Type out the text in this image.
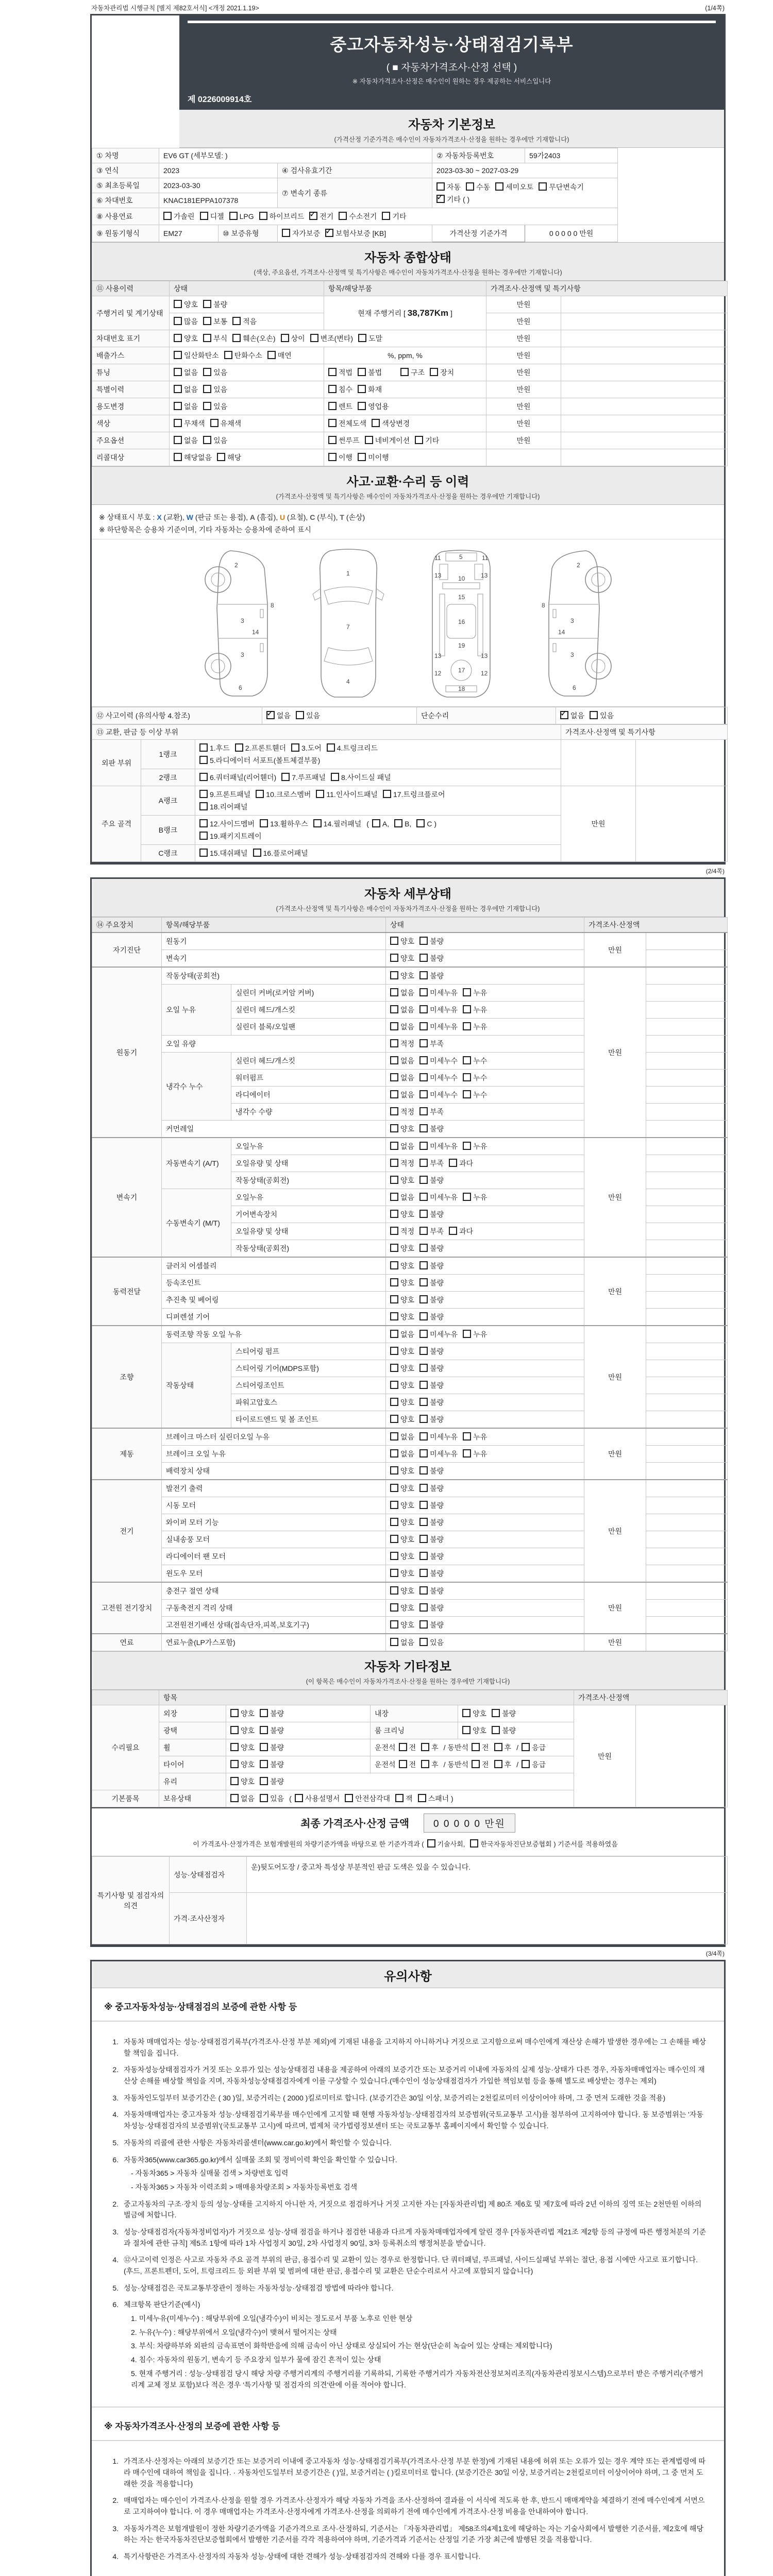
자동차관리법 시행규칙 [별지 제82호서식] <개정 2021.1.19>	(1/4쪽)
중고자동차성능·상태점검기록부
( ■ 자동차가격조사·산정 선택 )
※ 자동차가격조사·산정은 매수인이 원하는 경우 제공하는 서비스입니다
제 0226009914호
자동차 기본정보
(가격산정 기준가격은 매수인이 자동차가격조사·산정을 원하는 경우에만 기재합니다)
① 차명	EV6 GT (세부모델: )			② 자동차등록번호	59가2403
③ 연식	2023		④ 검사유효기간	2023-03-30 ~ 2027-03-29	
⑤ 최초등록일	2023-03-30		⑦ 변속기 종류	자동 수동 세미오토 무단변속기✓기타 ( )
⑥ 차대번호	KNAC181EPPA107378				
⑧ 사용연료	가솔린 디젤 LPG 하이브리드 ✓ 전기 수소전기 기타
⑨ 원동기형식	EM27	⑩ 보증유형	자가보증 ✓ 보험사보증 [KB]	가격산정 기준가격	0 0 0 0 0 만원
자동차 종합상태
(색상, 주요옵션, 가격조사·산정액 및 특기사항은 매수인이 자동차가격조사·산정을 원하는 경우에만 기재합니다)
⑪ 사용이력	상태	항목/해당부품	가격조사·산정액 및 특기사항	
주행거리 및 계기상태	양호 불량	현재 주행거리 [ 38,787Km ]	만원	
	많음 보통 적음		만원	
차대번호 표기	양호 부식 훼손(오손) 상이 변조(변타) 도말		만원	
배출가스	일산화탄소 탄화수소 매연	%, ppm, %	만원	
튜닝	없음 있음	적법 불법 구조 장치	만원	
특별이력	없음 있음	침수 화재	만원	
용도변경	없음 있음	렌트 영업용	만원	
색상	무채색 유채색	전체도색 색상변경	만원	
주요옵션	없음 있음	썬루프 네비게이션 기타	만원	
리콜대상	해당없음 해당	이행 미이행		
사고·교환·수리 등 이력
(가격조사·산정액 및 특기사항은 매수인이 자동차가격조사·산정을 원하는 경우에만 기재합니다)
※ 상태표시 부호 : X (교환), W (판금 또는 용접), A (흠집), U (요철), C (부식), T (손상)
※ 하단항목은 승용차 기준이며, 기타 자동차는 승용차에 준하여 표시
2
8
3
14
3
6
1
7
4
11	11
13	13
5
10
15
16
19
13	13
12	12
17
18
2
8
3
14
3
6
⑫ 사고이력 (유의사항 4.참조)	✓없음 있음	단순수리	✓없음 있음
⑬ 교환, 판금 등 이상 부위			가격조사·산정액 및 특기사항	
외판 부위	1랭크	1.후드 2.프론트휀더 3.도어 4.트렁크리드
5.라디에이터 서포트(볼트체결부품)		
	2랭크	6.쿼터패널(리어휀더) 7.루프패널 8.사이드실 패널		
주요 골격	A랭크	9.프론트패널 10.크로스멤버 11.인사이드패널 17.트렁크플로어
18.리어패널	만원	
	B랭크	12.사이드멤버 13.휠하우스 14.필러패널 ( A, B, C )
19.패키지트레이		
	C랭크	15.대쉬패널 16.플로어패널		
(2/4쪽)
자동차 세부상태
(가격조사·산정액 및 특기사항은 매수인이 자동차가격조사·산정을 원하는 경우에만 기재합니다)
⑭ 주요장치	항목/해당부품		상태	가격조사·산정액	
자기진단	원동기		양호 불량	만원	
	변속기		양호 불량		
원동기	작동상태(공회전)		양호 불량	만원	
	오일 누유	실린더 커버(로커암 커버)	없음 미세누유 누유		
		실린더 헤드/개스킷	없음 미세누유 누유		
		실린더 블록/오일팬	없음 미세누유 누유		
	오일 유량		적정 부족		
	냉각수 누수	실린더 헤드/개스킷	없음 미세누수 누수		
		워터펌프	없음 미세누수 누수		
		라디에이터	없음 미세누수 누수		
		냉각수 수량	적정 부족		
	커먼레일		양호 불량		
변속기	자동변속기 (A/T)	오일누유	없음 미세누유 누유	만원	
		오일유량 및 상태	적정 부족 과다		
		작동상태(공회전)	양호 불량		
	수동변속기 (M/T)	오일누유	없음 미세누유 누유		
		기어변속장치	양호 불량		
		오일유량 및 상태	적정 부족 과다		
		작동상태(공회전)	양호 불량		
동력전달	클러치 어셈블리		양호 불량	만원	
	등속조인트		양호 불량		
	추진축 및 베어링		양호 불량		
	디퍼렌셜 기어		양호 불량		
조향	동력조향 작동 오일 누유		없음 미세누유 누유	만원	
	작동상태	스티어링 펌프	양호 불량		
		스티어링 기어(MDPS포함)	양호 불량		
		스티어링조인트	양호 불량		
		파워고압호스	양호 불량		
		타이로드엔드 및 볼 조인트	양호 불량		
제동	브레이크 마스터 실린더오일 누유		없음 미세누유 누유	만원	
	브레이크 오일 누유		없음 미세누유 누유		
	배력장치 상태		양호 불량		
전기	발전기 출력		양호 불량	만원	
	시동 모터		양호 불량		
	와이퍼 모터 기능		양호 불량		
	실내송풍 모터		양호 불량		
	라디에이터 팬 모터		양호 불량		
	윈도우 모터		양호 불량		
고전원 전기장치	충전구 절연 상태		양호 불량	만원	
	구동축전지 격리 상태		양호 불량		
	고전원전기배선 상태(접속단자,피복,보호기구)		양호 불량		
연료	연료누출(LP가스포함)		없음 있음	만원	
자동차 기타정보
(이 항목은 매수인이 자동차가격조사·산정을 원하는 경우에만 기재합니다)
	항목				가격조사·산정액	
수리필요	외장	양호 불량	내장	양호 불량	만원	
	광택	양호 불량	룸 크리닝	양호 불량		
	휠	양호 불량	운전석 전 후 / 동반석 전 후 / 응급			
	타이어	양호 불량	운전석 전 후 / 동반석 전 후 / 응급			
	유리	양호 불량				
기본품목	보유상태	없음 있음 ( 사용설명서 안전삼각대 잭 스패너 )				
최종 가격조사·산정 금액 0 0 0 0 0 만원
이 가격조사·산정가격은 보험개발원의 차량기준가액을 바탕으로 한 기준가격과 ( 기술사회, 한국자동차진단보증협회 ) 기준서를 적용하였음
특기사항 및 점검자의 의견	성능·상태점검자	운)뒷도어도장 / 중고차 특성상 부분적인 판금 도색은 있을 수 있습니다.
	가격·조사산정자	
(3/4쪽)
유의사항
※ 중고자동차성능·상태점검의 보증에 관한 사항 등
1. 자동차 매매업자는 성능·상태점검기록부(가격조사·산정 부분 제외)에 기재된 내용을 고지하지 아니하거나 거짓으로 고지함으로써 매수인에게 재산상 손해가 발생한 경우에는 그 손해를 배상할 책임을 집니다.
2. 자동차성능상태점검자가 거짓 또는 오류가 있는 성능상태점검 내용을 제공하여 아래의 보증기간 또는 보증거리 이내에 자동차의 실제 성능·상태가 다른 경우, 자동차매매업자는 매수인의 재산상 손해를 배상할 책임을 지며, 자동차성능상태점검자에게 이를 구상할 수 있습니다.(매수인이 성능상태점검자가 가입한 책임보험 등을 통해 별도로 배상받는 경우는 제외)
3. 자동차인도일부터 보증기간은 ( 30 )일, 보증거리는 ( 2000 )킬로미터로 합니다. (보증기간은 30일 이상, 보증거리는 2천킬로미터 이상이어야 하며, 그 중 먼저 도래한 것을 적용)
4. 자동차매매업자는 중고자동차 성능·상태점검기록부를 매수인에게 고지할 때 현행 자동차성능·상태점검자의 보증범위(국토교통부 고시)를 첨부하여 고지하여야 합니다. 동 보증범위는 '자동차성능·상태점검자의 보증범위'(국토교통부 고시)에 따르며, 법제처 국가법령정보센터 또는 국토교통부 홈페이지에서 확인할 수 있습니다.
5. 자동차의 리콜에 관한 사항은 자동차리콜센터(www.car.go.kr)에서 확인할 수 있습니다.
6. 자동차365(www.car365.go.kr)에서 실매물 조회 및 정비이력 확인을 확인할 수 있습니다.
- 자동차365 > 자동차 실매물 검색 > 차량번호 입력
- 자동차365 > 자동차 이력조회 > 매매용차량조회 > 자동차등록번호 검색
2. 중고자동차의 구조·장치 등의 성능·상태를 고지하지 아니한 자, 거짓으로 점검하거나 거짓 고지한 자는 [자동차관리법] 제 80조 제6호 및 제7호에 따라 2년 이하의 징역 또는 2천만원 이하의 벌금에 처합니다.
3. 성능·상태점검자(자동차정비업자)가 거짓으로 성능·상태 점검을 하거나 점검한 내용과 다르게 자동차매매업자에게 알린 경우 [자동차관리법 제21조 제2항 등의 규정에 따른 행정처분의 기준과 절차에 관한 규칙] 제5조 1항에 따라 1차 사업정지 30일, 2차 사업정지 90일, 3차 등록취소의 행정처분을 받습니다.
4. ⑫사고이력 인정은 사고로 자동차 주요 골격 부위의 판금, 용접수리 및 교환이 있는 경우로 한정합니다. 단 쿼터패널, 루프패널, 사이드실패널 부위는 절단, 용접 시에만 사고로 표기합니다. (후드, 프론트펜더, 도어, 트렁크리드 등 외판 부위 및 범퍼에 대한 판금, 용접수리 및 교환은 단순수리로서 사고에 포함되지 않습니다)
5. 성능·상태점검은 국토교통부장관이 정하는 자동차성능·상태점검 방법에 따라야 합니다.
6. 체크항목 판단기준(예시)
1. 미세누유(미세누수) : 해당부위에 오일(냉각수)이 비치는 정도로서 부품 노후로 인한 현상
2. 누유(누수) : 해당부위에서 오일(냉각수)이 맺혀서 떨어지는 상태
3. 부식: 차량하부와 외판의 금속표면이 화학반응에 의해 금속이 아닌 상태로 상실되어 가는 현상(단순히 녹슬어 있는 상태는 제외합니다)
4. 침수: 자동차의 원동기, 변속기 등 주요장치 일부가 물에 잠긴 흔적이 있는 상태
5. 현재 주행거리 : 성능·상태점검 당시 해당 차량 주행거리계의 주행거리를 기록하되, 기록한 주행거리가 자동차전산정보처리조직(자동차관리정보시스템)으로부터 받은 주행거리(주행거리계 교체 정보 포함)보다 적은 경우 '특기사항 및 점검자의 의견'란에 이를 적어야 합니다.
※ 자동차가격조사·산정의 보증에 관한 사항 등
1. 가격조사·산정자는 아래의 보증기간 또는 보증거리 이내에 중고자동차 성능·상태점검기록부(가격조사·산정 부분 한정)에 기재된 내용에 허위 또는 오류가 있는 경우 계약 또는 관계법령에 따라 매수인에 대하여 책임을 집니다. · 자동차인도일부터 보증기간은 ( )일, 보증거리는 ( )킬로미터로 합니다. (보증기간은 30일 이상, 보증거리는 2천킬로미터 이상이어야 하며, 그 중 먼저 도래한 것을 적용합니다)
2. 매매업자는 매수인이 가격조사·산정을 원할 경우 가격조사·산정자가 해당 자동차 가격을 조사·산정하여 결과를 이 서식에 적도록 한 후, 반드시 매매계약을 체결하기 전에 매수인에게 서면으로 고지하여야 합니다. 이 경우 매매업자는 가격조사·산정자에게 가격조사·산정을 의뢰하기 전에 매수인에게 가격조사·산정 비용을 안내하여야 합니다.
3. 자동차가격은 보험개발원이 정한 차량기준가액을 기준가격으로 조사·산정하되, 기준서는 「자동차관리법」 제58조의4제1호에 해당하는 자는 기술사회에서 발행한 기준서를, 제2호에 해당하는 자는 한국자동차진단보증협회에서 발행한 기준서를 각각 적용하여야 하며, 기준가격과 기준서는 산정일 기준 가장 최근에 발행된 것을 적용합니다.
4. 특기사항란은 가격조사·산정자의 자동차 성능·상태에 대한 견해가 성능·상태점검자의 견해와 다를 경우 표시합니다.
